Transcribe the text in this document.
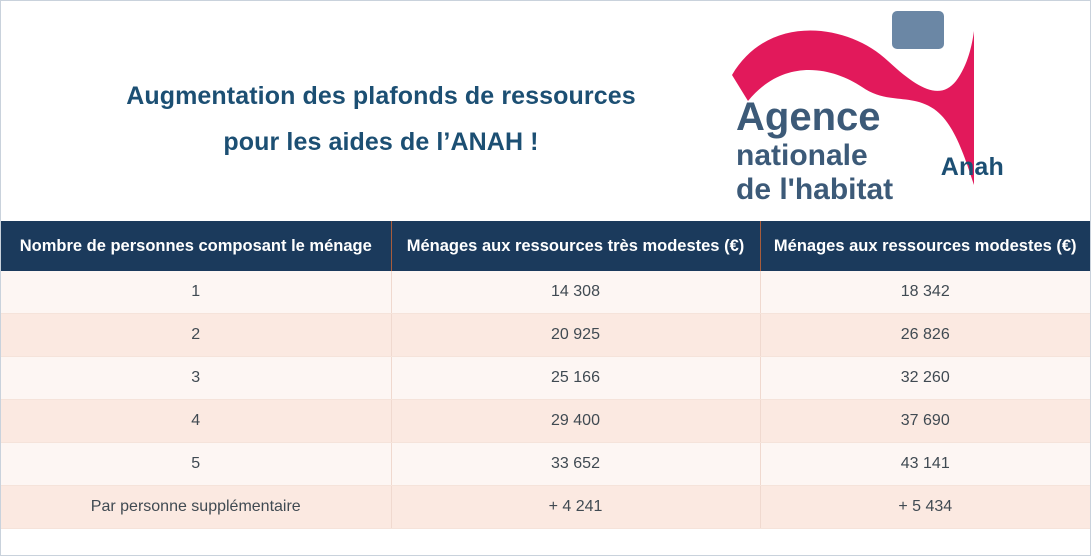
Augmentation des plafonds de ressources
pour les aides de l’ANAH !
Agence
nationale
de l'habitat
Anah
Nombre de personnes composant le ménage	Ménages aux ressources très modestes (€)	Ménages aux ressources modestes (€)
1	14 308	18 342
2	20 925	26 826
3	25 166	32 260
4	29 400	37 690
5	33 652	43 141
Par personne supplémentaire	+ 4 241	+ 5 434
